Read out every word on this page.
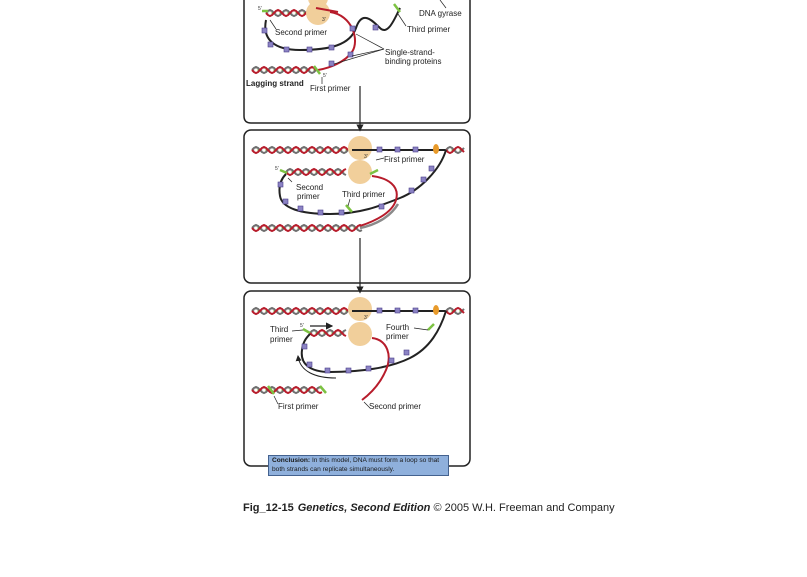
DNA gyrase
Third primer
Second primer
Single-strand-
binding proteins
Lagging strand
First primer
5'
5'
3'
First primer
Second
primer	Third primer
5'
3'
Third
primer
Fourth
primer
First primer	Second primer
5'
3'
Conclusion: In this model, DNA must form a loop so that both strands can replicate simultaneously.
Fig_12-15 Genetics, Second Edition © 2005 W.H. Freeman and Company
